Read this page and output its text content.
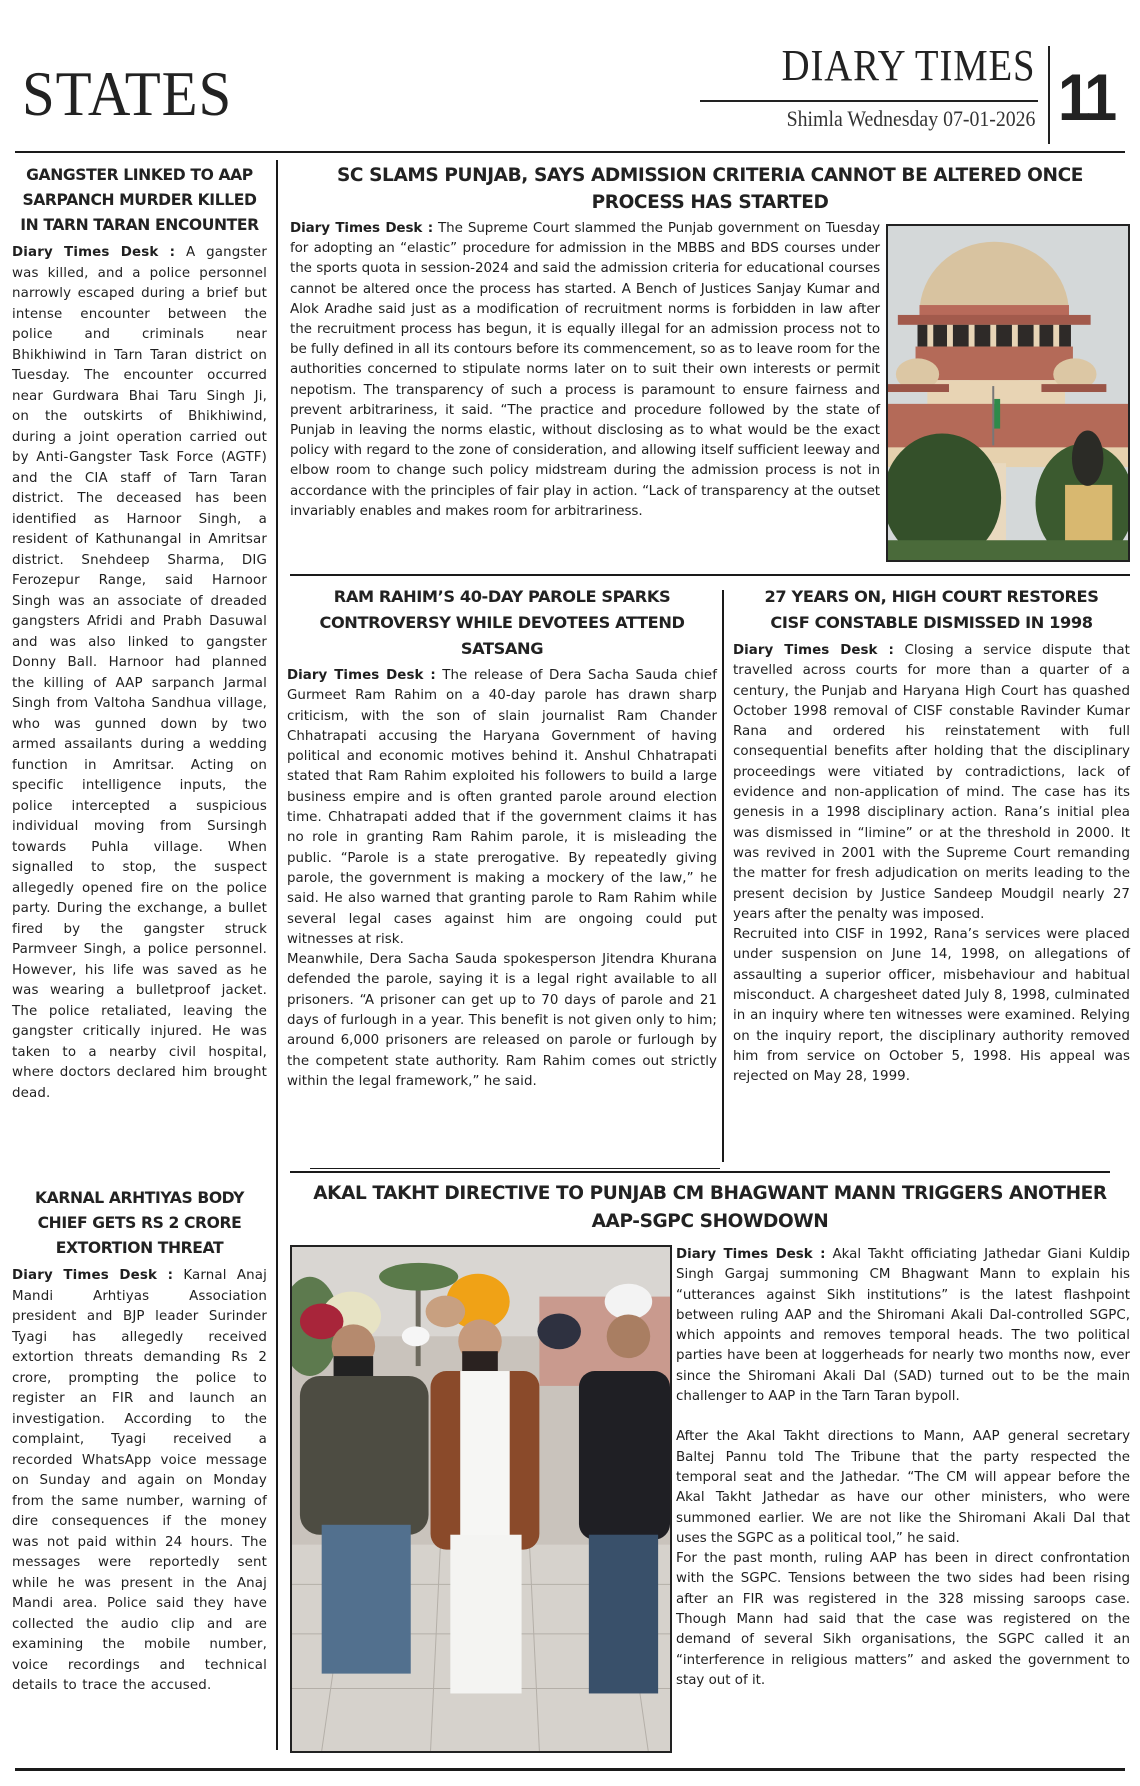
STATES	DIARY TIMES
Shimla Wednesday 07-01-2026 11
GANGSTER LINKED TO AAP SARPANCH MURDER KILLED IN TARN TARAN ENCOUNTER

Diary Times Desk : A gangster was killed, and a police personnel narrowly escaped during a brief but intense encounter between the police and criminals near Bhikhiwind in Tarn Taran district on Tuesday. The encounter occurred near Gurdwara Bhai Taru Singh Ji, on the outskirts of Bhikhiwind, during a joint operation carried out by Anti-Gangster Task Force (AGTF) and the CIA staff of Tarn Taran district. The deceased has been identified as Harnoor Singh, a resident of Kathunangal in Amritsar district. Snehdeep Sharma, DIG Ferozepur Range, said Harnoor Singh was an associate of dreaded gangsters Afridi and Prabh Dasuwal and was also linked to gangster Donny Ball. Harnoor had planned the killing of AAP sarpanch Jarmal Singh from Valtoha Sandhua village, who was gunned down by two armed assailants during a wedding function in Amritsar. Acting on specific intelligence inputs, the police intercepted a suspicious individual moving from Sursingh towards Puhla village. When signalled to stop, the suspect allegedly opened fire on the police party. During the exchange, a bullet fired by the gangster struck Parmveer Singh, a police personnel. However, his life was saved as he was wearing a bulletproof jacket. The police retaliated, leaving the gangster critically injured. He was taken to a nearby civil hospital, where doctors declared him brought dead.

KARNAL ARHTIYAS BODY CHIEF GETS RS 2 CRORE EXTORTION THREAT

Diary Times Desk : Karnal Anaj Mandi Arhtiyas Association president and BJP leader Surinder Tyagi has allegedly received extortion threats demanding Rs 2 crore, prompting the police to register an FIR and launch an investigation. According to the complaint, Tyagi received a recorded WhatsApp voice message on Sunday and again on Monday from the same number, warning of dire consequences if the money was not paid within 24 hours. The messages were reportedly sent while he was present in the Anaj Mandi area. Police said they have collected the audio clip and are examining the mobile number, voice recordings and technical details to trace the accused.

SC SLAMS PUNJAB, SAYS ADMISSION CRITERIA CANNOT BE ALTERED ONCE PROCESS HAS STARTED

Diary Times Desk : The Supreme Court slammed the Punjab government on Tuesday for adopting an “elastic” procedure for admission in the MBBS and BDS courses under the sports quota in session-2024 and said the admission criteria for educational courses cannot be altered once the process has started. A Bench of Justices Sanjay Kumar and Alok Aradhe said just as a modification of recruitment norms is forbidden in law after the recruitment process has begun, it is equally illegal for an admission process not to be fully defined in all its contours before its commencement, so as to leave room for the authorities concerned to stipulate norms later on to suit their own interests or permit nepotism. The transparency of such a process is paramount to ensure fairness and prevent arbitrariness, it said. “The practice and procedure followed by the state of Punjab in leaving the norms elastic, without disclosing as to what would be the exact policy with regard to the zone of consideration, and allowing itself sufficient leeway and elbow room to change such policy midstream during the admission process is not in accordance with the principles of fair play in action. “Lack of transparency at the outset invariably enables and makes room for arbitrariness.

RAM RAHIM’S 40-DAY PAROLE SPARKS CONTROVERSY WHILE DEVOTEES ATTEND SATSANG

Diary Times Desk : The release of Dera Sacha Sauda chief Gurmeet Ram Rahim on a 40-day parole has drawn sharp criticism, with the son of slain journalist Ram Chander Chhatrapati accusing the Haryana Government of having political and economic motives behind it. Anshul Chhatrapati stated that Ram Rahim exploited his followers to build a large business empire and is often granted parole around election time. Chhatrapati added that if the government claims it has no role in granting Ram Rahim parole, it is misleading the public. “Parole is a state prerogative. By repeatedly giving parole, the government is making a mockery of the law,” he said. He also warned that granting parole to Ram Rahim while several legal cases against him are ongoing could put witnesses at risk.

Meanwhile, Dera Sacha Sauda spokesperson Jitendra Khurana defended the parole, saying it is a legal right available to all prisoners. “A prisoner can get up to 70 days of parole and 21 days of furlough in a year. This benefit is not given only to him; around 6,000 prisoners are released on parole or furlough by the competent state authority. Ram Rahim comes out strictly within the legal framework,” he said.

27 YEARS ON, HIGH COURT RESTORES CISF CONSTABLE DISMISSED IN 1998

Diary Times Desk : Closing a service dispute that travelled across courts for more than a quarter of a century, the Punjab and Haryana High Court has quashed October 1998 removal of CISF constable Ravinder Kumar Rana and ordered his reinstatement with full consequential benefits after holding that the disciplinary proceedings were vitiated by contradictions, lack of evidence and non-application of mind. The case has its genesis in a 1998 disciplinary action. Rana’s initial plea was dismissed in “limine” or at the threshold in 2000. It was revived in 2001 with the Supreme Court remanding the matter for fresh adjudication on merits leading to the present decision by Justice Sandeep Moudgil nearly 27 years after the penalty was imposed.

Recruited into CISF in 1992, Rana’s services were placed under suspension on June 14, 1998, on allegations of assaulting a superior officer, misbehaviour and habitual misconduct. A chargesheet dated July 8, 1998, culminated in an inquiry where ten witnesses were examined. Relying on the inquiry report, the disciplinary authority removed him from service on October 5, 1998. His appeal was rejected on May 28, 1999.

AKAL TAKHT DIRECTIVE TO PUNJAB CM BHAGWANT MANN TRIGGERS ANOTHER AAP-SGPC SHOWDOWN

Diary Times Desk : Akal Takht officiating Jathedar Giani Kuldip Singh Gargaj summoning CM Bhagwant Mann to explain his “utterances against Sikh institutions” is the latest flashpoint between ruling AAP and the Shiromani Akali Dal-controlled SGPC, which appoints and removes temporal heads. The two political parties have been at loggerheads for nearly two months now, ever since the Shiromani Akali Dal (SAD) turned out to be the main challenger to AAP in the Tarn Taran bypoll.

After the Akal Takht directions to Mann, AAP general secretary Baltej Pannu told The Tribune that the party respected the temporal seat and the Jathedar. “The CM will appear before the Akal Takht Jathedar as have our other ministers, who were summoned earlier. We are not like the Shiromani Akali Dal that uses the SGPC as a political tool,” he said.

For the past month, ruling AAP has been in direct confrontation with the SGPC. Tensions between the two sides had been rising after an FIR was registered in the 328 missing saroops case. Though Mann had said that the case was registered on the demand of several Sikh organisations, the SGPC called it an “interference in religious matters” and asked the government to stay out of it.
